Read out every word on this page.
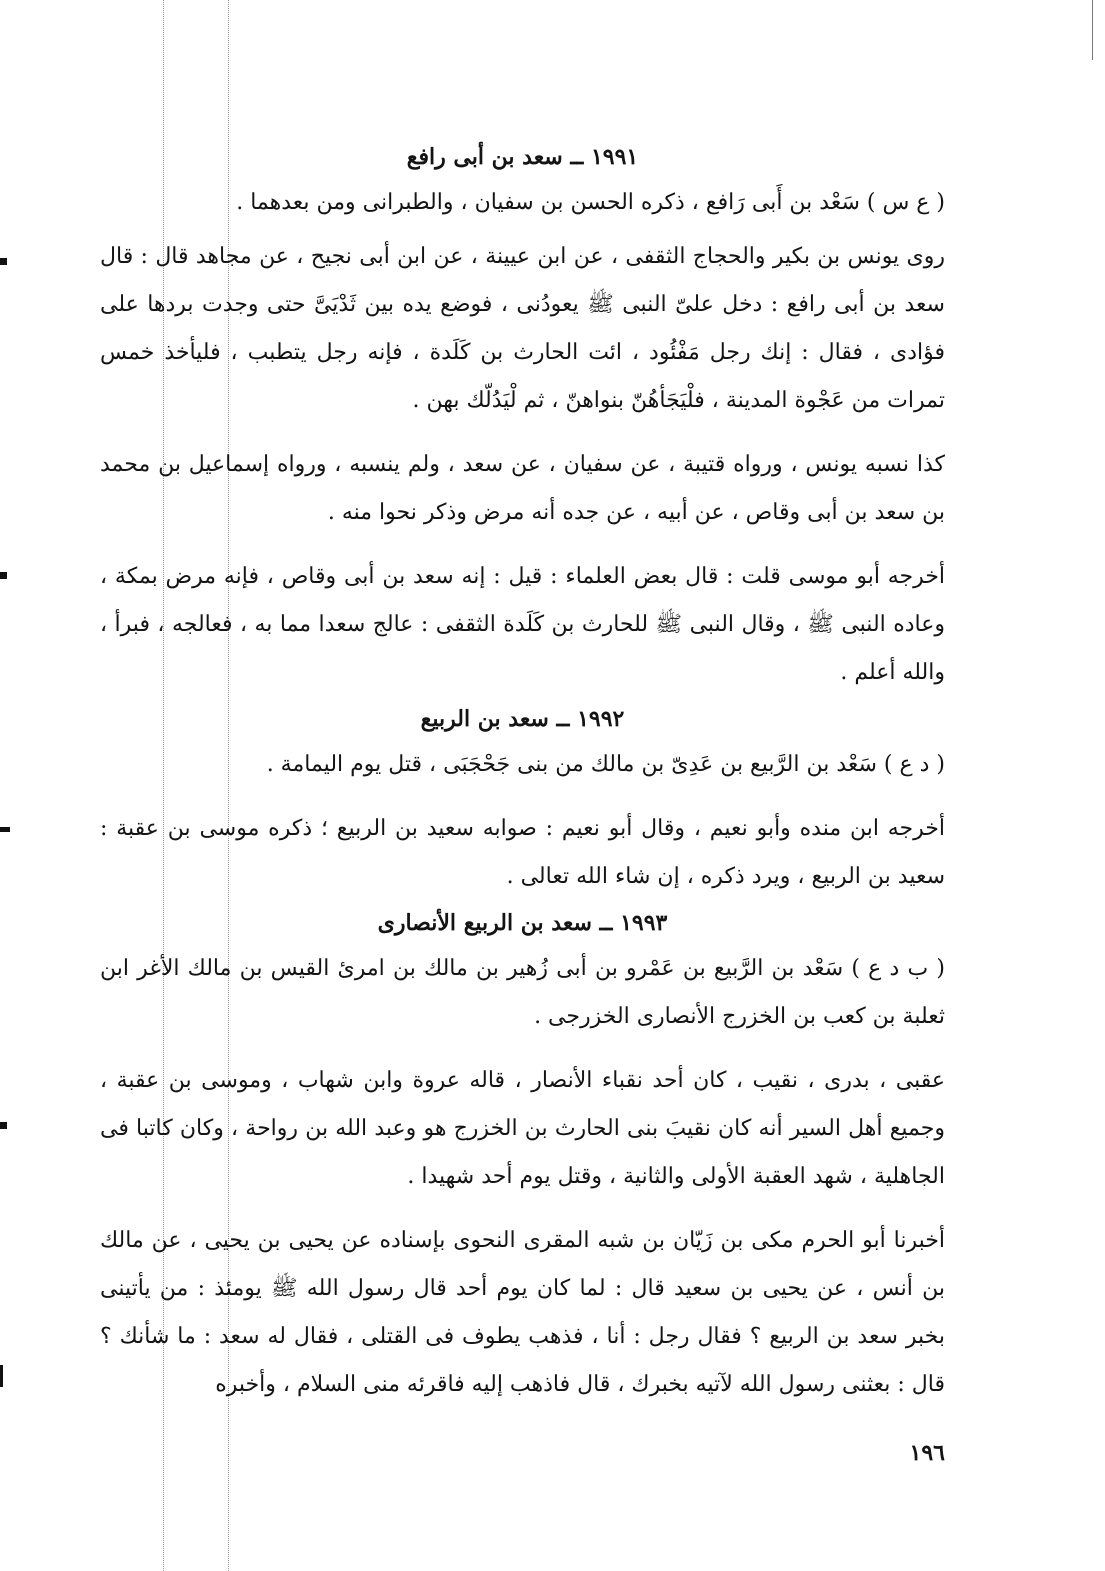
١٩٩١ ــ سعد بن أبى رافع

( ع س ) سَعْد بن أَبى رَافع ، ذكره الحسن بن سفيان ، والطبرانى ومن بعدهما .

روى يونس بن بكير والحجاج الثقفى ، عن ابن عيينة ، عن ابن أبى نجيح ، عن مجاهد قال : قال سعد بن أبى رافع : دخل علىّ النبى ﷺ يعودُنى ، فوضع يده بين ثَدْيَىَّ حتى وجدت بردها على فؤادى ، فقال : إنك رجل مَفْئُود ، ائت الحارث بن كَلَدة ، فإنه رجل يتطبب ، فليأخذ خمس تمرات من عَجْوة المدينة ، فلْيَجَأهُنّ بنواهنّ ، ثم لْيَدُلّك بهن .

كذا نسبه يونس ، ورواه قتيبة ، عن سفيان ، عن سعد ، ولم ينسبه ، ورواه إسماعيل بن محمد بن سعد بن أبى وقاص ، عن أبيه ، عن جده أنه مرض وذكر نحوا منه .

أخرجه أبو موسى قلت : قال بعض العلماء : قيل : إنه سعد بن أبى وقاص ، فإنه مرض بمكة ، وعاده النبى ﷺ ، وقال النبى ﷺ للحارث بن كَلَدة الثقفى : عالج سعدا مما به ، فعالجه ، فبرأ ، والله أعلم .

١٩٩٢ ــ سعد بن الربيع

( د ع ) سَعْد بن الرَّبيع بن عَدِىّ بن مالك من بنى جَحْجَبَى ، قتل يوم اليمامة .

أخرجه ابن منده وأبو نعيم ، وقال أبو نعيم : صوابه سعيد بن الربيع ؛ ذكره موسى بن عقبة : سعيد بن الربيع ، ويرد ذكره ، إن شاء الله تعالى .

١٩٩٣ ــ سعد بن الربيع الأنصارى

( ب د ع ) سَعْد بن الرَّبيع بن عَمْرو بن أبى زُهير بن مالك بن امرئ القيس بن مالك الأغر ابن ثعلبة بن كعب بن الخزرج الأنصارى الخزرجى .

عقبى ، بدرى ، نقيب ، كان أحد نقباء الأنصار ، قاله عروة وابن شهاب ، وموسى بن عقبة ، وجميع أهل السير أنه كان نقيبَ بنى الحارث بن الخزرج هو وعبد الله بن رواحة ، وكان كاتبا فى الجاهلية ، شهد العقبة الأولى والثانية ، وقتل يوم أحد شهيدا .

أخبرنا أبو الحرم مكى بن زَيّان بن شبه المقرى النحوى بإسناده عن يحيى بن يحيى ، عن مالك بن أنس ، عن يحيى بن سعيد قال : لما كان يوم أحد قال رسول الله ﷺ يومئذ : من يأتينى بخبر سعد بن الربيع ؟ فقال رجل : أنا ، فذهب يطوف فى القتلى ، فقال له سعد : ما شأنك ؟ قال : بعثنى رسول الله لآتيه بخبرك ، قال فاذهب إليه فاقرئه منى السلام ، وأخبره

١٩٦
